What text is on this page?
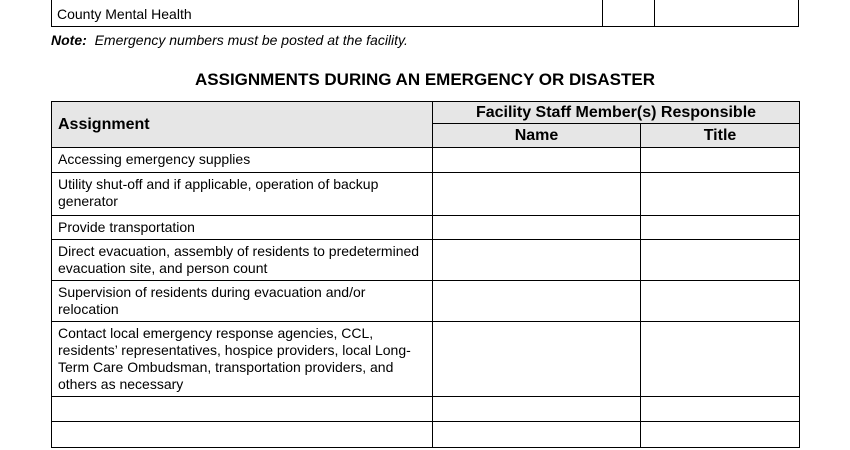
County Mental Health
Note: Emergency numbers must be posted at the facility.
ASSIGNMENTS DURING AN EMERGENCY OR DISASTER
Assignment
Facility Staff Member(s) Responsible
Name	Title
Accessing emergency supplies
Utility shut-off and if applicable, operation of backup generator
Provide transportation
Direct evacuation, assembly of residents to predetermined evacuation site, and person count
Supervision of residents during evacuation and/or relocation
Contact local emergency response agencies, CCL, residents’ representatives, hospice providers, local Long-Term Care Ombudsman, transportation providers, and others as necessary
